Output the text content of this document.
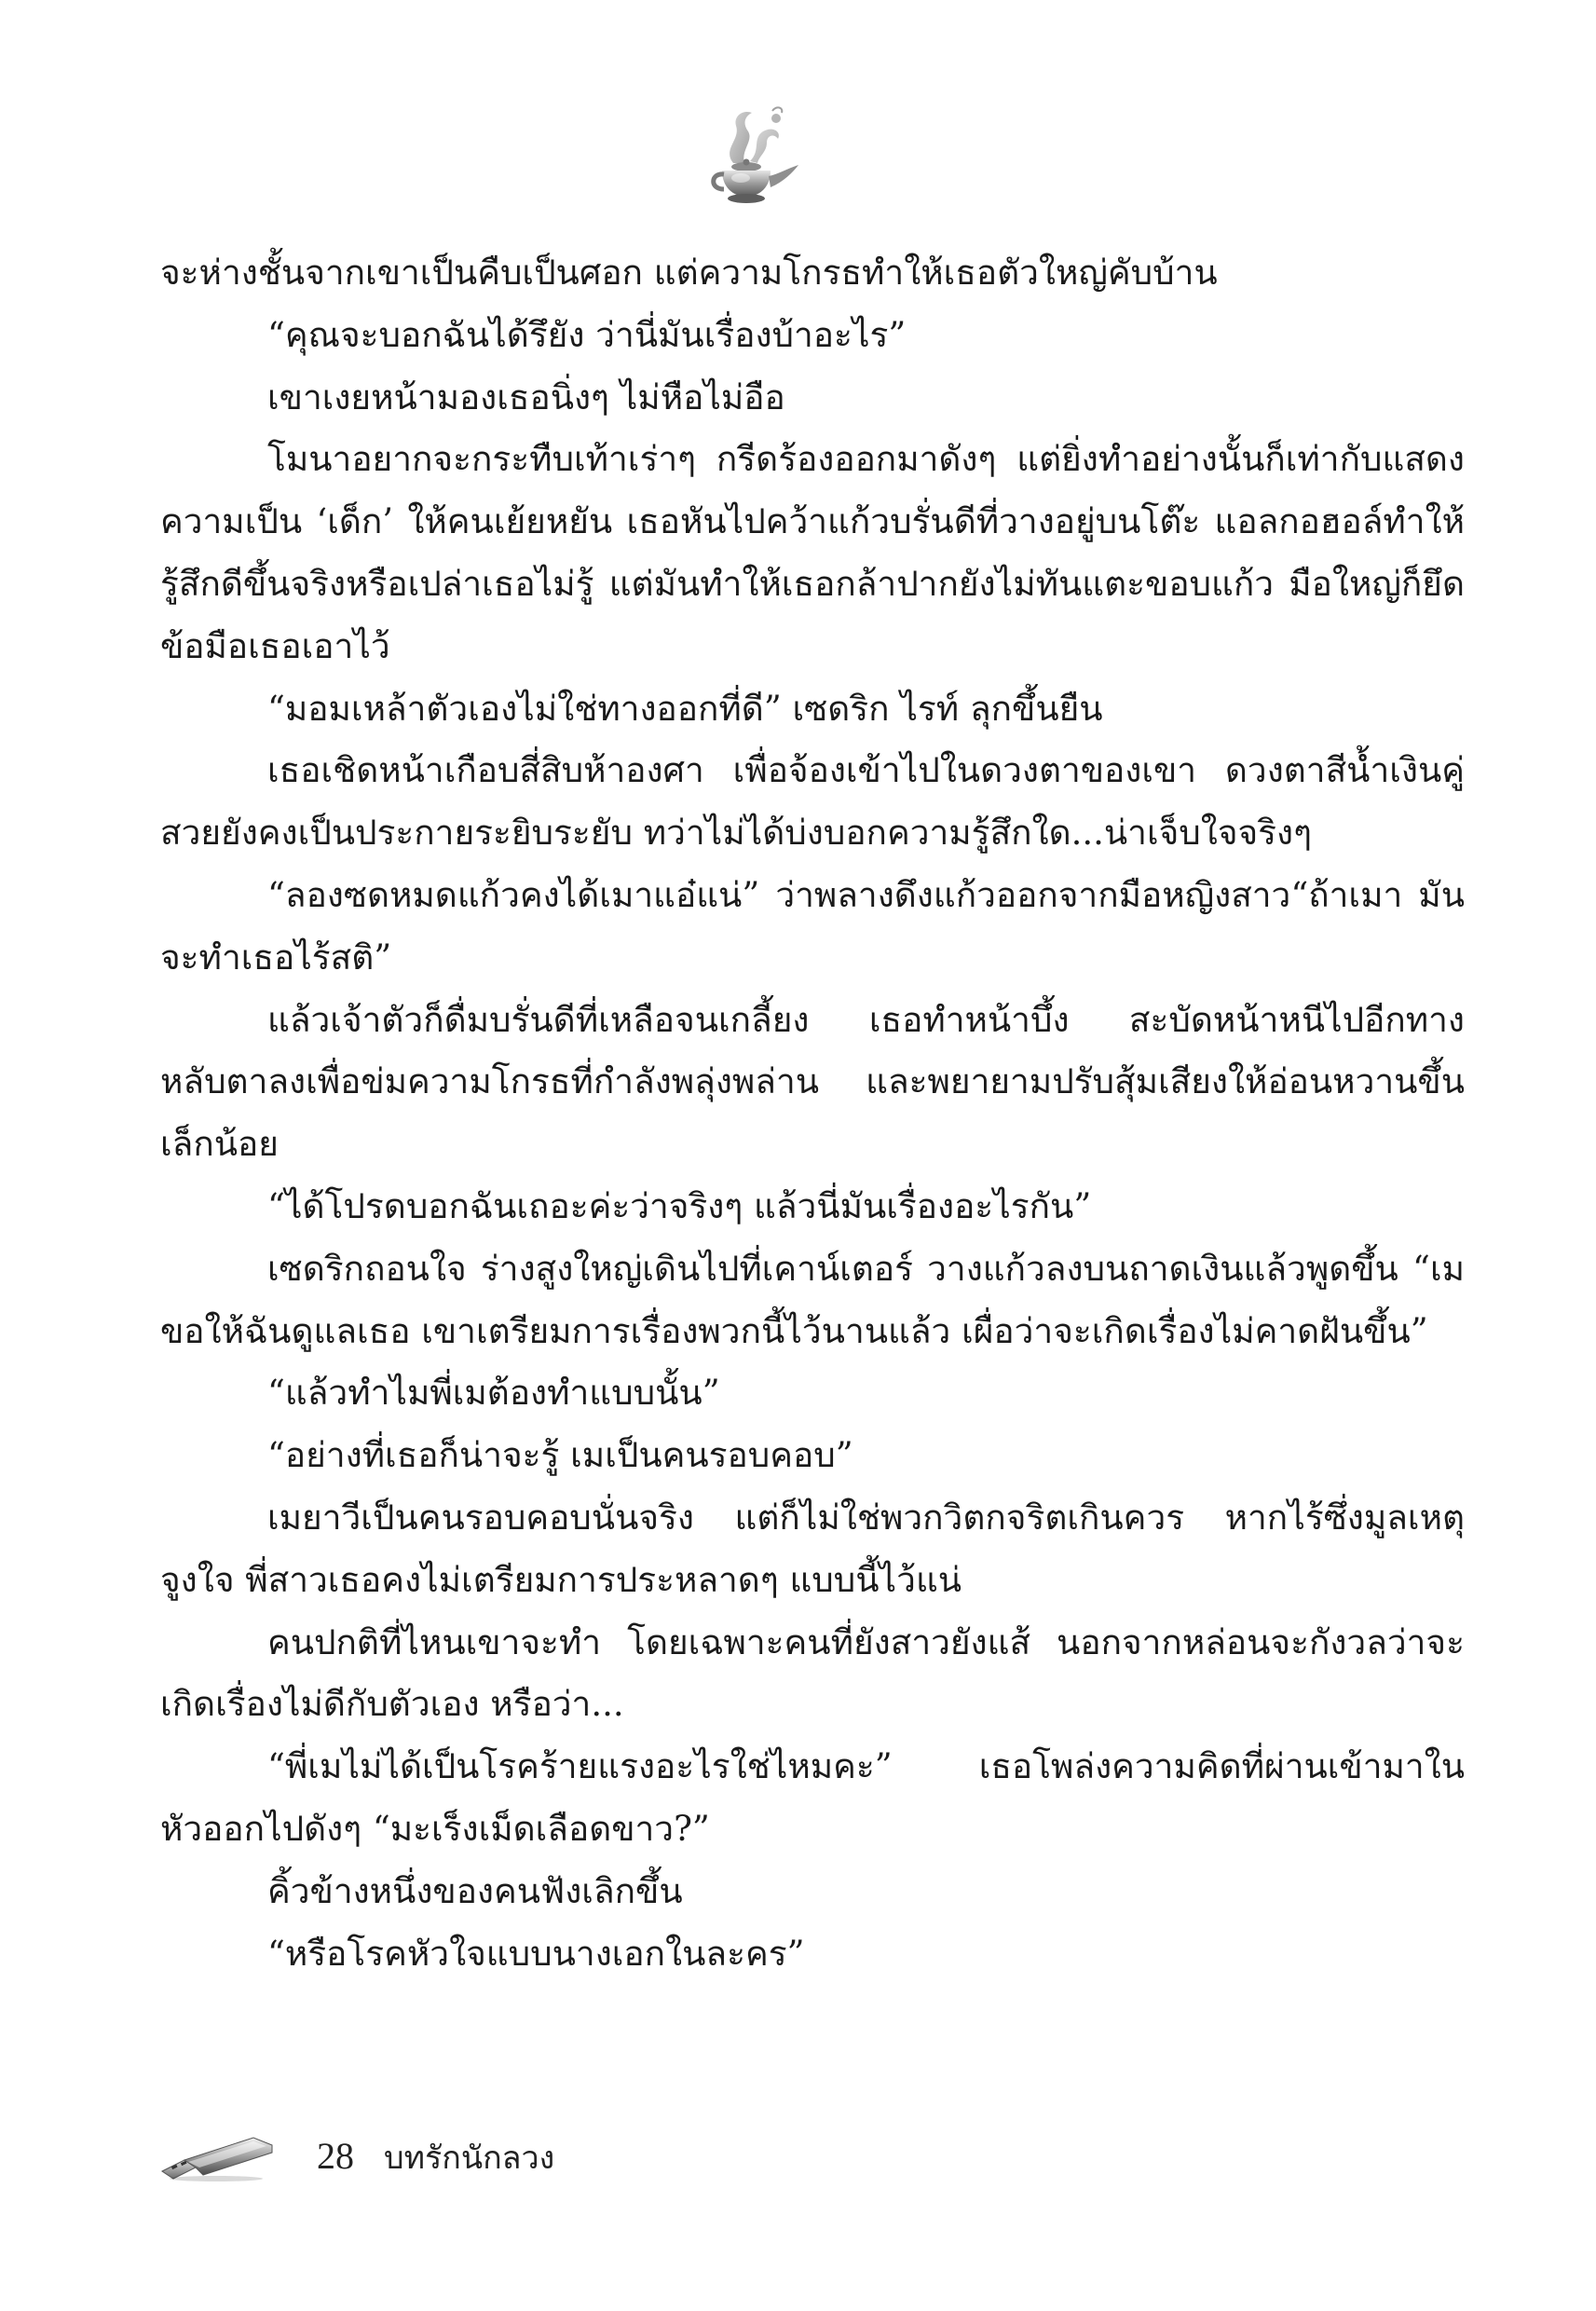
จะห่างชั้นจากเขาเป็นคืบเป็นศอก แต่ความโกรธทำให้เธอตัวใหญ่คับบ้าน

“คุณจะบอกฉันได้รึยัง ว่านี่มันเรื่องบ้าอะไร”

เขาเงยหน้ามองเธอนิ่งๆ ไม่หือไม่อือ

โมนาอยากจะกระทืบเท้าเร่าๆ กรีดร้องออกมาดังๆ แต่ยิ่งทำอย่างนั้นก็เท่ากับแสดงความเป็น ‘เด็ก’ ให้คนเย้ยหยัน เธอหันไปคว้าแก้วบรั่นดีที่วางอยู่บนโต๊ะ แอลกอฮอล์ทำให้รู้สึกดีขึ้นจริงหรือเปล่าเธอไม่รู้ แต่มันทำให้เธอกล้าปากยังไม่ทันแตะขอบแก้ว มือใหญ่ก็ยึดข้อมือเธอเอาไว้

“มอมเหล้าตัวเองไม่ใช่ทางออกที่ดี” เซดริก ไรท์ ลุกขึ้นยืน

เธอเชิดหน้าเกือบสี่สิบห้าองศา เพื่อจ้องเข้าไปในดวงตาของเขา ดวงตาสีน้ำเงินคู่สวยยังคงเป็นประกายระยิบระยับ ทว่าไม่ได้บ่งบอกความรู้สึกใด...น่าเจ็บใจจริงๆ

“ลองซดหมดแก้วคงได้เมาแอ๋แน่” ว่าพลางดึงแก้วออกจากมือหญิงสาว“ถ้าเมา มันจะทำเธอไร้สติ”

แล้วเจ้าตัวก็ดื่มบรั่นดีที่เหลือจนเกลี้ยง เธอทำหน้าบึ้ง สะบัดหน้าหนีไปอีกทาง หลับตาลงเพื่อข่มความโกรธที่กำลังพลุ่งพล่าน และพยายามปรับสุ้มเสียงให้อ่อนหวานขึ้นเล็กน้อย

“ได้โปรดบอกฉันเถอะค่ะว่าจริงๆ แล้วนี่มันเรื่องอะไรกัน”

เซดริกถอนใจ ร่างสูงใหญ่เดินไปที่เคาน์เตอร์ วางแก้วลงบนถาดเงินแล้วพูดขึ้น “เมขอให้ฉันดูแลเธอ เขาเตรียมการเรื่องพวกนี้ไว้นานแล้ว เผื่อว่าจะเกิดเรื่องไม่คาดฝันขึ้น”

“แล้วทำไมพี่เมต้องทำแบบนั้น”

“อย่างที่เธอก็น่าจะรู้ เมเป็นคนรอบคอบ”

เมยาวีเป็นคนรอบคอบนั่นจริง แต่ก็ไม่ใช่พวกวิตกจริตเกินควร หากไร้ซึ่งมูลเหตุจูงใจ พี่สาวเธอคงไม่เตรียมการประหลาดๆ แบบนี้ไว้แน่

คนปกติที่ไหนเขาจะทำ โดยเฉพาะคนที่ยังสาวยังแส้ นอกจากหล่อนจะกังวลว่าจะเกิดเรื่องไม่ดีกับตัวเอง หรือว่า...

“พี่เมไม่ได้เป็นโรคร้ายแรงอะไรใช่ไหมคะ” เธอโพล่งความคิดที่ผ่านเข้ามาในหัวออกไปดังๆ “มะเร็งเม็ดเลือดขาว?”

คิ้วข้างหนึ่งของคนฟังเลิกขึ้น

“หรือโรคหัวใจแบบนางเอกในละคร”

28 บทรักนักลวง
